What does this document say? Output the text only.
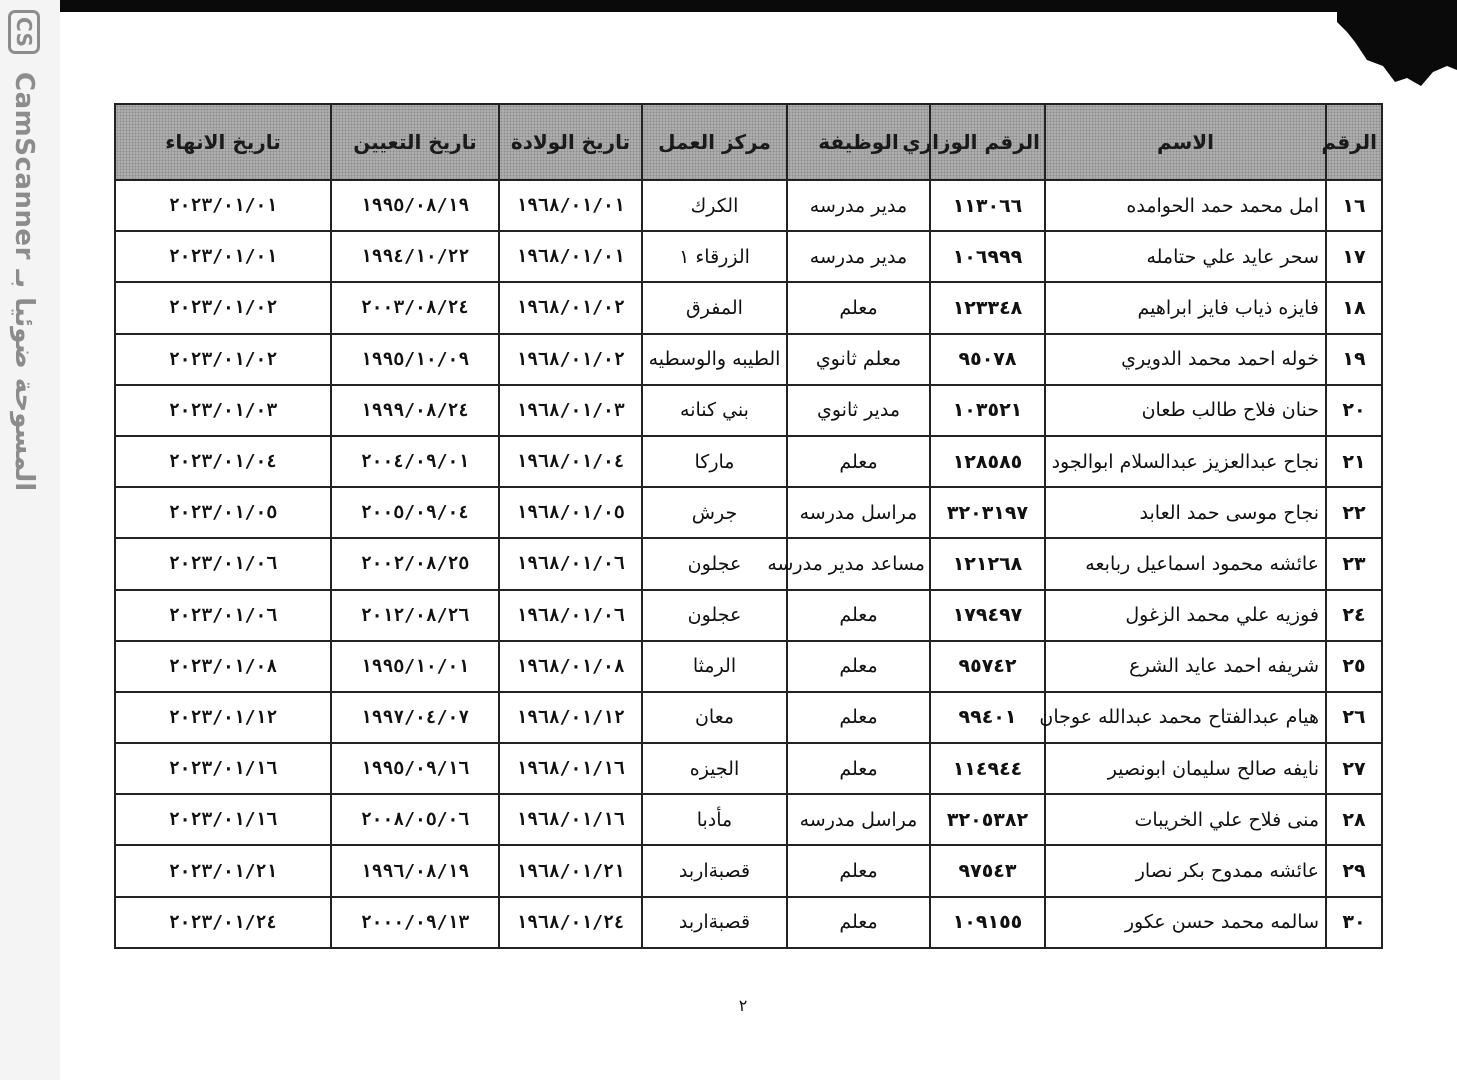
CS CamScanner المسوحة ضوئيا بـ
الرقم	الاسم	الرقم الوزاري	الوظيفة	مركز العمل	تاريخ الولادة	تاريخ التعيين	تاريخ الانهاء
١٦	امل محمد حمد الحوامده	١١٣٠٦٦	مدير مدرسه	الكرك	١٩٦٨/٠١/٠١	١٩٩٥/٠٨/١٩	٢٠٢٣/٠١/٠١
١٧	سحر عايد علي حتامله	١٠٦٩٩٩	مدير مدرسه	الزرقاء ١	١٩٦٨/٠١/٠١	١٩٩٤/١٠/٢٢	٢٠٢٣/٠١/٠١
١٨	فايزه ذياب فايز ابراهيم	١٢٣٣٤٨	معلم	المفرق	١٩٦٨/٠١/٠٢	٢٠٠٣/٠٨/٢٤	٢٠٢٣/٠١/٠٢
١٩	خوله احمد محمد الدويري	٩٥٠٧٨	معلم ثانوي	الطيبه والوسطيه	١٩٦٨/٠١/٠٢	١٩٩٥/١٠/٠٩	٢٠٢٣/٠١/٠٢
٢٠	حنان فلاح طالب طعان	١٠٣٥٢١	مدير ثانوي	بني كنانه	١٩٦٨/٠١/٠٣	١٩٩٩/٠٨/٢٤	٢٠٢٣/٠١/٠٣
٢١	نجاح عبدالعزيز عبدالسلام ابوالجود	١٢٨٥٨٥	معلم	ماركا	١٩٦٨/٠١/٠٤	٢٠٠٤/٠٩/٠١	٢٠٢٣/٠١/٠٤
٢٢	نجاح موسى حمد العابد	٣٢٠٣١٩٧	مراسل مدرسه	جرش	١٩٦٨/٠١/٠٥	٢٠٠٥/٠٩/٠٤	٢٠٢٣/٠١/٠٥
٢٣	عائشه محمود اسماعيل ربابعه	١٢١٢٦٨	مساعد مدير مدرسه	عجلون	١٩٦٨/٠١/٠٦	٢٠٠٢/٠٨/٢٥	٢٠٢٣/٠١/٠٦
٢٤	فوزيه علي محمد الزغول	١٧٩٤٩٧	معلم	عجلون	١٩٦٨/٠١/٠٦	٢٠١٢/٠٨/٢٦	٢٠٢٣/٠١/٠٦
٢٥	شريفه احمد عايد الشرع	٩٥٧٤٢	معلم	الرمثا	١٩٦٨/٠١/٠٨	١٩٩٥/١٠/٠١	٢٠٢٣/٠١/٠٨
٢٦	هيام عبدالفتاح محمد عبدالله عوجان	٩٩٤٠١	معلم	معان	١٩٦٨/٠١/١٢	١٩٩٧/٠٤/٠٧	٢٠٢٣/٠١/١٢
٢٧	نايفه صالح سليمان ابونصير	١١٤٩٤٤	معلم	الجيزه	١٩٦٨/٠١/١٦	١٩٩٥/٠٩/١٦	٢٠٢٣/٠١/١٦
٢٨	منى فلاح علي الخريبات	٣٢٠٥٣٨٢	مراسل مدرسه	مأدبا	١٩٦٨/٠١/١٦	٢٠٠٨/٠٥/٠٦	٢٠٢٣/٠١/١٦
٢٩	عائشه ممدوح بكر نصار	٩٧٥٤٣	معلم	قصبةاربد	١٩٦٨/٠١/٢١	١٩٩٦/٠٨/١٩	٢٠٢٣/٠١/٢١
٣٠	سالمه محمد حسن عكور	١٠٩١٥٥	معلم	قصبةاربد	١٩٦٨/٠١/٢٤	٢٠٠٠/٠٩/١٣	٢٠٢٣/٠١/٢٤
٢
